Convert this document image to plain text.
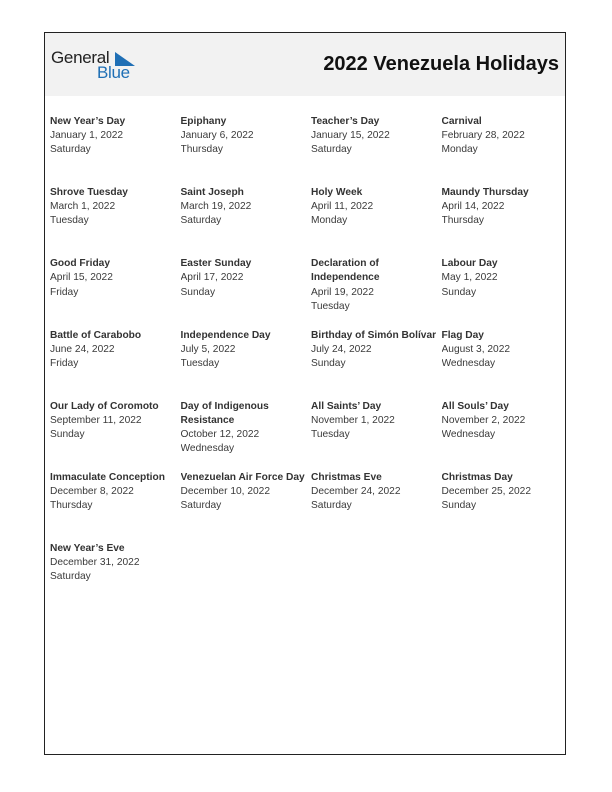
General
Blue	2022 Venezuela Holidays
New Year’s Day
January 1, 2022
Saturday
Epiphany
January 6, 2022
Thursday
Teacher’s Day
January 15, 2022
Saturday
Carnival
February 28, 2022
Monday
Shrove Tuesday
March 1, 2022
Tuesday
Saint Joseph
March 19, 2022
Saturday
Holy Week
April 11, 2022
Monday
Maundy Thursday
April 14, 2022
Thursday
Good Friday
April 15, 2022
Friday
Easter Sunday
April 17, 2022
Sunday
Declaration of Independence
April 19, 2022
Tuesday
Labour Day
May 1, 2022
Sunday
Battle of Carabobo
June 24, 2022
Friday
Independence Day
July 5, 2022
Tuesday
Birthday of Simón Bolívar
July 24, 2022
Sunday
Flag Day
August 3, 2022
Wednesday
Our Lady of Coromoto
September 11, 2022
Sunday
Day of Indigenous Resistance
October 12, 2022
Wednesday
All Saints’ Day
November 1, 2022
Tuesday
All Souls’ Day
November 2, 2022
Wednesday
Immaculate Conception
December 8, 2022
Thursday
Venezuelan Air Force Day
December 10, 2022
Saturday
Christmas Eve
December 24, 2022
Saturday
Christmas Day
December 25, 2022
Sunday
New Year’s Eve
December 31, 2022
Saturday
